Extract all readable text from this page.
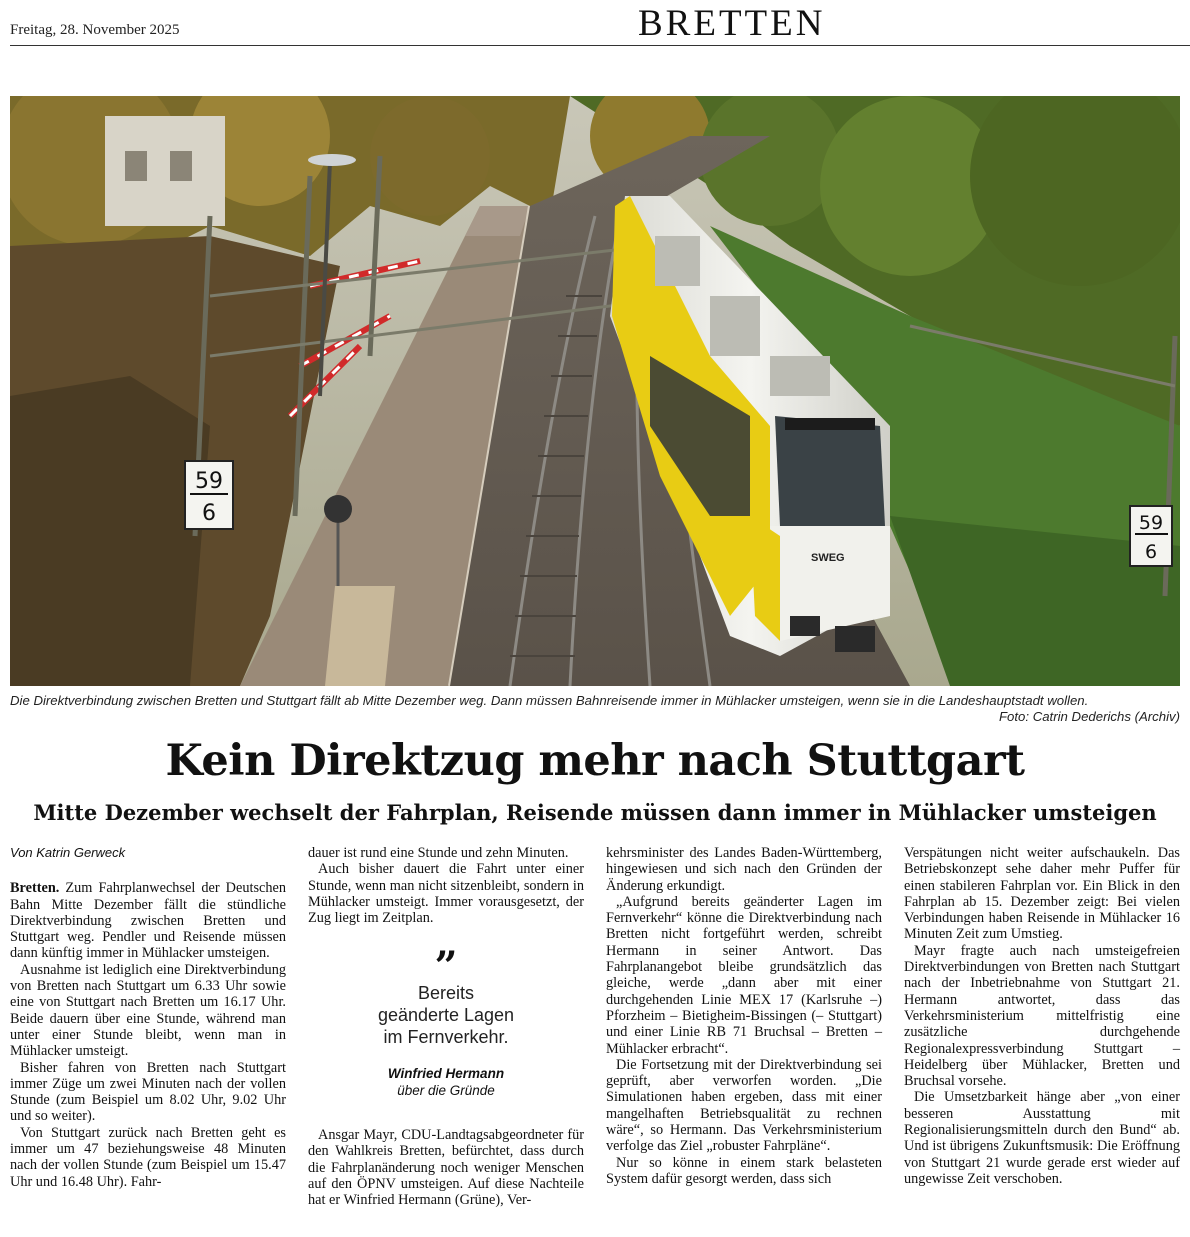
Freitag, 28. November 2025	BRETTEN
59
6	59
6
SWEG
Die Direktverbindung zwischen Bretten und Stuttgart fällt ab Mitte Dezember weg. Dann müssen Bahnreisende immer in Mühlacker umsteigen, wenn sie in die Landeshauptstadt wollen.
Foto: Catrin Dederichs (Archiv)
Kein Direktzug mehr nach Stuttgart
Mitte Dezember wechselt der Fahrplan, Reisende müssen dann immer in Mühlacker umsteigen

Von Katrin Gerweck

Bretten. Zum Fahrplanwechsel der Deutschen Bahn Mitte Dezember fällt die stündliche Direktverbindung zwischen Bretten und Stuttgart weg. Pendler und Reisende müssen dann künftig immer in Mühlacker umsteigen.

Ausnahme ist lediglich eine Direktverbindung von Bretten nach Stuttgart um 6.33 Uhr sowie eine von Stuttgart nach Bretten um 16.17 Uhr. Beide dauern über eine Stunde, während man unter einer Stunde bleibt, wenn man in Mühlacker umsteigt.

Bisher fahren von Bretten nach Stuttgart immer Züge um zwei Minuten nach der vollen Stunde (zum Beispiel um 8.02 Uhr, 9.02 Uhr und so weiter).

Von Stuttgart zurück nach Bretten geht es immer um 47 beziehungsweise 48 Minuten nach der vollen Stunde (zum Beispiel um 15.47 Uhr und 16.48 Uhr). Fahr-

dauer ist rund eine Stunde und zehn Minuten.

Auch bisher dauert die Fahrt unter einer Stunde, wenn man nicht sitzenbleibt, sondern in Mühlacker umsteigt. Immer vorausgesetzt, der Zug liegt im Zeitplan.

”
Bereits
geänderte Lagen
im Fernverkehr.
Winfried Hermann
über die Gründe

Ansgar Mayr, CDU-Landtagsabgeordneter für den Wahlkreis Bretten, befürchtet, dass durch die Fahrplanänderung noch weniger Menschen auf den ÖPNV umsteigen. Auf diese Nachteile hat er Winfried Hermann (Grüne), Ver-

kehrsminister des Landes Baden-Württemberg, hingewiesen und sich nach den Gründen der Änderung erkundigt.

„Aufgrund bereits geänderter Lagen im Fernverkehr“ könne die Direktverbindung nach Bretten nicht fortgeführt werden, schreibt Hermann in seiner Antwort. Das Fahrplanangebot bleibe grundsätzlich das gleiche, werde „dann aber mit einer durchgehenden Linie MEX 17 (Karlsruhe –) Pforzheim – Bietigheim-Bissingen (– Stuttgart) und einer Linie RB 71 Bruchsal – Bretten – Mühlacker erbracht“.

Die Fortsetzung mit der Direktverbindung sei geprüft, aber verworfen worden. „Die Simulationen haben ergeben, dass mit einer mangelhaften Betriebsqualität zu rechnen wäre“, so Hermann. Das Verkehrsministerium verfolge das Ziel „robuster Fahrpläne“.

Nur so könne in einem stark belasteten System dafür gesorgt werden, dass sich

Verspätungen nicht weiter aufschaukeln. Das Betriebskonzept sehe daher mehr Puffer für einen stabileren Fahrplan vor. Ein Blick in den Fahrplan ab 15. Dezember zeigt: Bei vielen Verbindungen haben Reisende in Mühlacker 16 Minuten Zeit zum Umstieg.

Mayr fragte auch nach umsteigefreien Direktverbindungen von Bretten nach Stuttgart nach der Inbetriebnahme von Stuttgart 21. Hermann antwortet, dass das Verkehrsministerium mittelfristig eine zusätzliche durchgehende Regionalexpressverbindung Stuttgart – Heidelberg über Mühlacker, Bretten und Bruchsal vorsehe.

Die Umsetzbarkeit hänge aber „von einer besseren Ausstattung mit Regionalisierungsmitteln durch den Bund“ ab. Und ist übrigens Zukunftsmusik: Die Eröffnung von Stuttgart 21 wurde gerade erst wieder auf ungewisse Zeit verschoben.
